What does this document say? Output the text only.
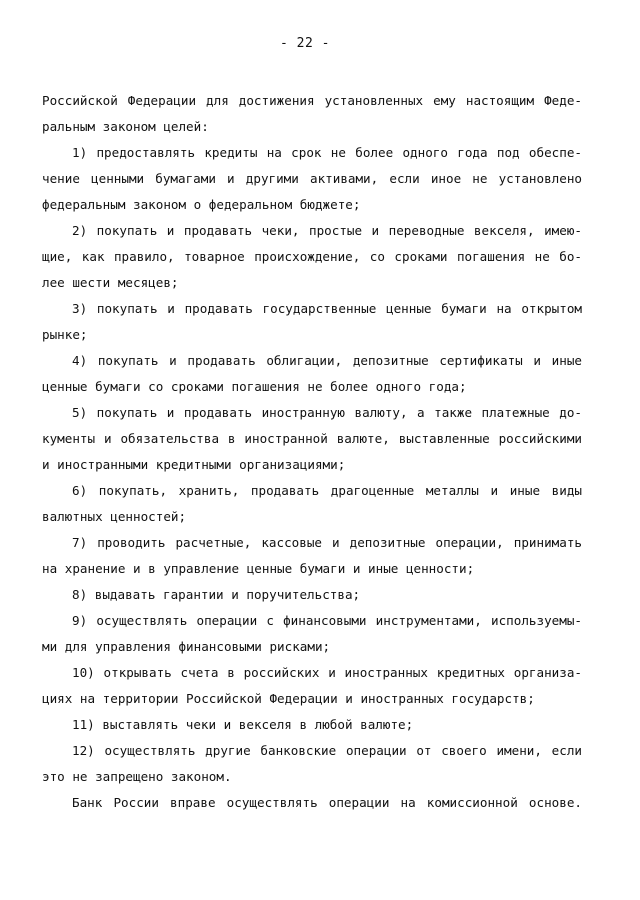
- 22 -
Российской Федерации для достижения установленных ему настоящим Феде-
ральным законом целей:
1) предоставлять кредиты на срок не более одного года под обеспе-
чение ценными бумагами и другими активами, если иное не установлено
федеральным законом о федеральном бюджете;
2) покупать и продавать чеки, простые и переводные векселя, имею-
щие, как правило, товарное происхождение, со сроками погашения не бо-
лее шести месяцев;
3) покупать и продавать государственные ценные бумаги на открытом
рынке;
4) покупать и продавать облигации, депозитные сертификаты и иные
ценные бумаги со сроками погашения не более одного года;
5) покупать и продавать иностранную валюту, а также платежные до-
кументы и обязательства в иностранной валюте, выставленные российскими
и иностранными кредитными организациями;
6) покупать, хранить, продавать драгоценные металлы и иные виды
валютных ценностей;
7) проводить расчетные, кассовые и депозитные операции, принимать
на хранение и в управление ценные бумаги и иные ценности;
8) выдавать гарантии и поручительства;
9) осуществлять операции с финансовыми инструментами, используемы-
ми для управления финансовыми рисками;
10) открывать счета в российских и иностранных кредитных организа-
циях на территории Российской Федерации и иностранных государств;
11) выставлять чеки и векселя в любой валюте;
12) осуществлять другие банковские операции от своего имени, если
это не запрещено законом.
Банк России вправе осуществлять операции на комиссионной основе.
